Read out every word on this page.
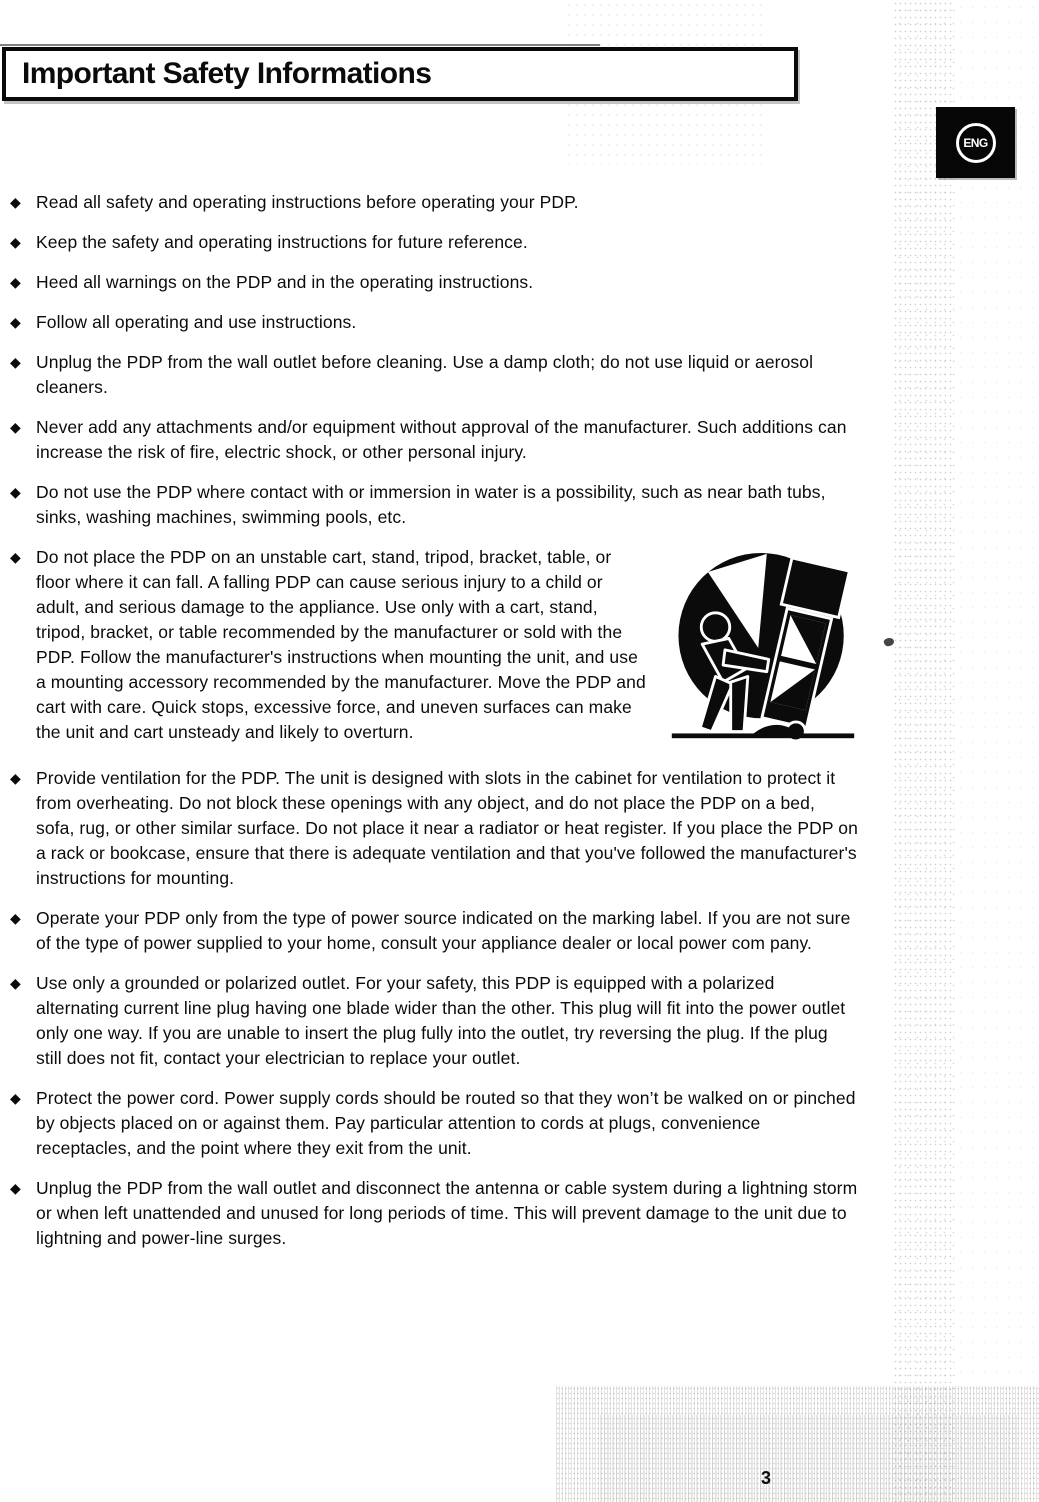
Important Safety Informations
ENG
◆ Read all safety and operating instructions before operating your PDP.

◆ Keep the safety and operating instructions for future reference.

◆ Heed all warnings on the PDP and in the operating instructions.

◆ Follow all operating and use instructions.

◆ Unplug the PDP from the wall outlet before cleaning. Use a damp cloth; do not use liquid or aerosol cleaners.

◆ Never add any attachments and/or equipment without approval of the manufacturer. Such additions can increase the risk of fire, electric shock, or other personal injury.

◆ Do not use the PDP where contact with or immersion in water is a possibility, such as near bath tubs, sinks, washing machines, swimming pools, etc.

◆ Do not place the PDP on an unstable cart, stand, tripod, bracket, table, or floor where it can fall. A falling PDP can cause serious injury to a child or adult, and serious damage to the appliance. Use only with a cart, stand, tripod, bracket, or table recommended by the manufacturer or sold with the PDP. Follow the manufacturer's instructions when mounting the unit, and use a mounting accessory recommended by the manufacturer. Move the PDP and cart with care. Quick stops, excessive force, and uneven surfaces can make the unit and cart unsteady and likely to overturn.

◆ Provide ventilation for the PDP. The unit is designed with slots in the cabinet for ventilation to protect it from overheating. Do not block these openings with any object, and do not place the PDP on a bed, sofa, rug, or other similar surface. Do not place it near a radiator or heat register. If you place the PDP on a rack or bookcase, ensure that there is adequate ventilation and that you've followed the manufacturer's instructions for mounting.

◆ Operate your PDP only from the type of power source indicated on the marking label. If you are not sure of the type of power supplied to your home, consult your appliance dealer or local power com pany.

◆ Use only a grounded or polarized outlet. For your safety, this PDP is equipped with a polarized alternating current line plug having one blade wider than the other. This plug will fit into the power outlet only one way. If you are unable to insert the plug fully into the outlet, try reversing the plug. If the plug still does not fit, contact your electrician to replace your outlet.

◆ Protect the power cord. Power supply cords should be routed so that they won’t be walked on or pinched by objects placed on or against them. Pay particular attention to cords at plugs, convenience receptacles, and the point where they exit from the unit.

◆ Unplug the PDP from the wall outlet and disconnect the antenna or cable system during a lightning storm or when left unattended and unused for long periods of time. This will prevent damage to the unit due to lightning and power-line surges.

3
